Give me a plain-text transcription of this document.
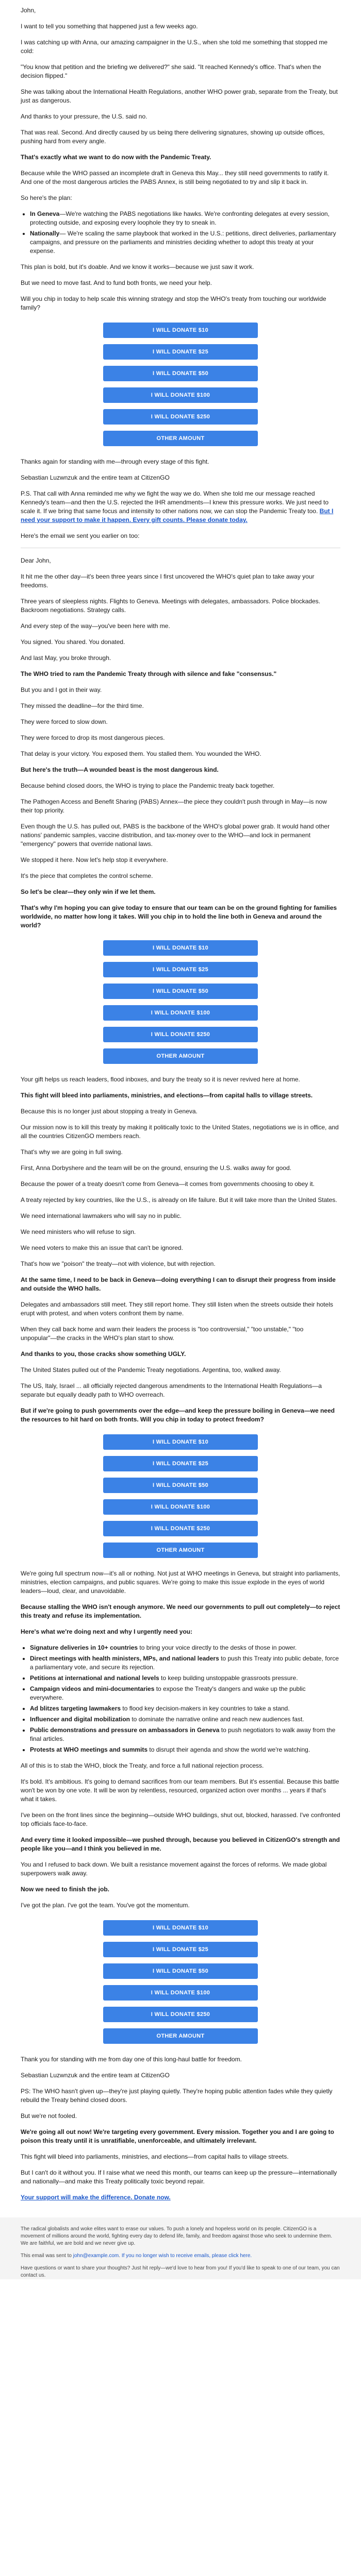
John,

I want to tell you something that happened just a few weeks ago.

I was catching up with Anna, our amazing campaigner in the U.S., when she told me something that stopped me cold:

"You know that petition and the briefing we delivered?" she said. "It reached Kennedy's office. That's when the decision flipped."

She was talking about the International Health Regulations, another WHO power grab, separate from the Treaty, but just as dangerous.

And thanks to your pressure, the U.S. said no.

That was real. Second. And directly caused by us being there delivering signatures, showing up outside offices, pushing hard from every angle.

That's exactly what we want to do now with the Pandemic Treaty.

Because while the WHO passed an incomplete draft in Geneva this May... they still need governments to ratify it. And one of the most dangerous articles the PABS Annex, is still being negotiated to try and slip it back in.

So here's the plan:

• In Geneva—We're watching the PABS negotiations like hawks. We're confronting delegates at every session, protecting outside, and exposing every loophole they try to sneak in.
• Nationally— We're scaling the same playbook that worked in the U.S.: petitions, direct deliveries, parliamentary campaigns, and pressure on the parliaments and ministries deciding whether to adopt this treaty at your expense.

This plan is bold, but it's doable. And we know it works—because we just saw it work.

But we need to move fast. And to fund both fronts, we need your help.

Will you chip in today to help scale this winning strategy and stop the WHO's treaty from touching our worldwide family?

I WILL DONATE $10
I WILL DONATE $25
I WILL DONATE $50
I WILL DONATE $100
I WILL DONATE $250
OTHER AMOUNT

Thanks again for standing with me—through every stage of this fight.

Sebastian Luzwnzuk and the entire team at CitizenGO

P.S. That call with Anna reminded me why we fight the way we do. When she told me our message reached Kennedy's team—and then the U.S. rejected the IHR amendments—I knew this pressure works. We just need to scale it. If we bring that same focus and intensity to other nations now, we can stop the Pandemic Treaty too. But I need your support to make it happen. Every gift counts. Please donate today.

Here's the email we sent you earlier on too:

Dear John,

It hit me the other day—it's been three years since I first uncovered the WHO's quiet plan to take away your freedoms.

Three years of sleepless nights. Flights to Geneva. Meetings with delegates, ambassadors. Police blockades. Backroom negotiations. Strategy calls.

And every step of the way—you've been here with me.

You signed. You shared. You donated.

And last May, you broke through.

The WHO tried to ram the Pandemic Treaty through with silence and fake "consensus."

But you and I got in their way.

They missed the deadline—for the third time.

They were forced to slow down.

They were forced to drop its most dangerous pieces.

That delay is your victory. You exposed them. You stalled them. You wounded the WHO.

But here's the truth—A wounded beast is the most dangerous kind.

Because behind closed doors, the WHO is trying to place the Pandemic treaty back together.

The Pathogen Access and Benefit Sharing (PABS) Annex—the piece they couldn't push through in May—is now their top priority.

Even though the U.S. has pulled out, PABS is the backbone of the WHO's global power grab. It would hand other nations' pandemic samples, vaccine distribution, and tax-money over to the WHO—and lock in permanent "emergency" powers that override national laws.

We stopped it here. Now let's help stop it everywhere.

It's the piece that completes the control scheme.

So let's be clear—they only win if we let them.

That's why I'm hoping you can give today to ensure that our team can be on the ground fighting for families worldwide, no matter how long it takes. Will you chip in to hold the line both in Geneva and around the world?

I WILL DONATE $10
I WILL DONATE $25
I WILL DONATE $50
I WILL DONATE $100
I WILL DONATE $250
OTHER AMOUNT

Your gift helps us reach leaders, flood inboxes, and bury the treaty so it is never revived here at home.

This fight will bleed into parliaments, ministries, and elections—from capital halls to village streets.

Because this is no longer just about stopping a treaty in Geneva.

Our mission now is to kill this treaty by making it politically toxic to the United States, negotiations we is in office, and all the countries CitizenGO members reach.

That's why we are going in full swing.

First, Anna Dorbyshere and the team will be on the ground, ensuring the U.S. walks away for good.

Because the power of a treaty doesn't come from Geneva—it comes from governments choosing to obey it.

A treaty rejected by key countries, like the U.S., is already on life failure. But it will take more than the United States.

We need international lawmakers who will say no in public.

We need ministers who will refuse to sign.

We need voters to make this an issue that can't be ignored.

That's how we "poison" the treaty—not with violence, but with rejection.

At the same time, I need to be back in Geneva—doing everything I can to disrupt their progress from inside and outside the WHO halls.

Delegates and ambassadors still meet. They still report home. They still listen when the streets outside their hotels erupt with protest, and when voters confront them by name.

When they call back home and warn their leaders the process is "too controversial," "too unstable," "too unpopular"—the cracks in the WHO's plan start to show.

And thanks to you, those cracks show something UGLY.

The United States pulled out of the Pandemic Treaty negotiations. Argentina, too, walked away.

The US, Italy, Israel ... all officially rejected dangerous amendments to the International Health Regulations—a separate but equally deadly path to WHO overreach.

But if we're going to push governments over the edge—and keep the pressure boiling in Geneva—we need the resources to hit hard on both fronts. Will you chip in today to protect freedom?

I WILL DONATE $10
I WILL DONATE $25
I WILL DONATE $50
I WILL DONATE $100
I WILL DONATE $250
OTHER AMOUNT

We're going full spectrum now—it's all or nothing. Not just at WHO meetings in Geneva, but straight into parliaments, ministries, election campaigns, and public squares. We're going to make this issue explode in the eyes of world leaders—loud, clear, and unavoidable.

Because stalling the WHO isn't enough anymore. We need our governments to pull out completely—to reject this treaty and refuse its implementation.

Here's what we're doing next and why I urgently need you:

• Signature deliveries in 10+ countries to bring your voice directly to the desks of those in power.
• Direct meetings with health ministers, MPs, and national leaders to push this Treaty into public debate, force a parliamentary vote, and secure its rejection.
• Petitions at international and national levels to keep building unstoppable grassroots pressure.
• Campaign videos and mini-documentaries to expose the Treaty's dangers and wake up the public everywhere.
• Ad blitzes targeting lawmakers to flood key decision-makers in key countries to take a stand.
• Influencer and digital mobilization to dominate the narrative online and reach new audiences fast.
• Public demonstrations and pressure on ambassadors in Geneva to push negotiators to walk away from the final articles.
• Protests at WHO meetings and summits to disrupt their agenda and show the world we're watching.

All of this is to stab the WHO, block the Treaty, and force a full national rejection process.

It's bold. It's ambitious. It's going to demand sacrifices from our team members. But it's essential. Because this battle won't be won by one vote. It will be won by relentless, resourced, organized action over months ... years if that's what it takes.

I've been on the front lines since the beginning—outside WHO buildings, shut out, blocked, harassed. I've confronted top officials face-to-face.

And every time it looked impossible—we pushed through, because you believed in CitizenGO's strength and people like you—and I think you believed in me.

You and I refused to back down. We built a resistance movement against the forces of reforms. We made global superpowers walk away.

Now we need to finish the job.

I've got the plan. I've got the team. You've got the momentum.

I WILL DONATE $10
I WILL DONATE $25
I WILL DONATE $50
I WILL DONATE $100
I WILL DONATE $250
OTHER AMOUNT

Thank you for standing with me from day one of this long-haul battle for freedom.

Sebastian Luzwnzuk and the entire team at CitizenGO

PS: The WHO hasn't given up—they're just playing quietly. They're hoping public attention fades while they quietly rebuild the Treaty behind closed doors.

But we're not fooled.

We're going all out now! We're targeting every government. Every mission. Together you and I are going to poison this treaty until it is unratifiable, unenforceable, and ultimately irrelevant.

This fight will bleed into parliaments, ministries, and elections—from capital halls to village streets.

But I can't do it without you. If I raise what we need this month, our teams can keep up the pressure—internationally and nationally—and make this Treaty politically toxic beyond repair.

Your support will make the difference. Donate now.

The radical globalists and woke elites want to erase our values. To push a lonely and hopeless world on its people. CitizenGO is a movement of millions around the world, fighting every day to defend life, family, and freedom against those who seek to undermine them. We are faithful, we are bold and we never give up.

This email was sent to john@example.com. If you no longer wish to receive emails, please click here.

Have questions or want to share your thoughts? Just hit reply—we'd love to hear from you! If you'd like to speak to one of our team, you can contact us.
